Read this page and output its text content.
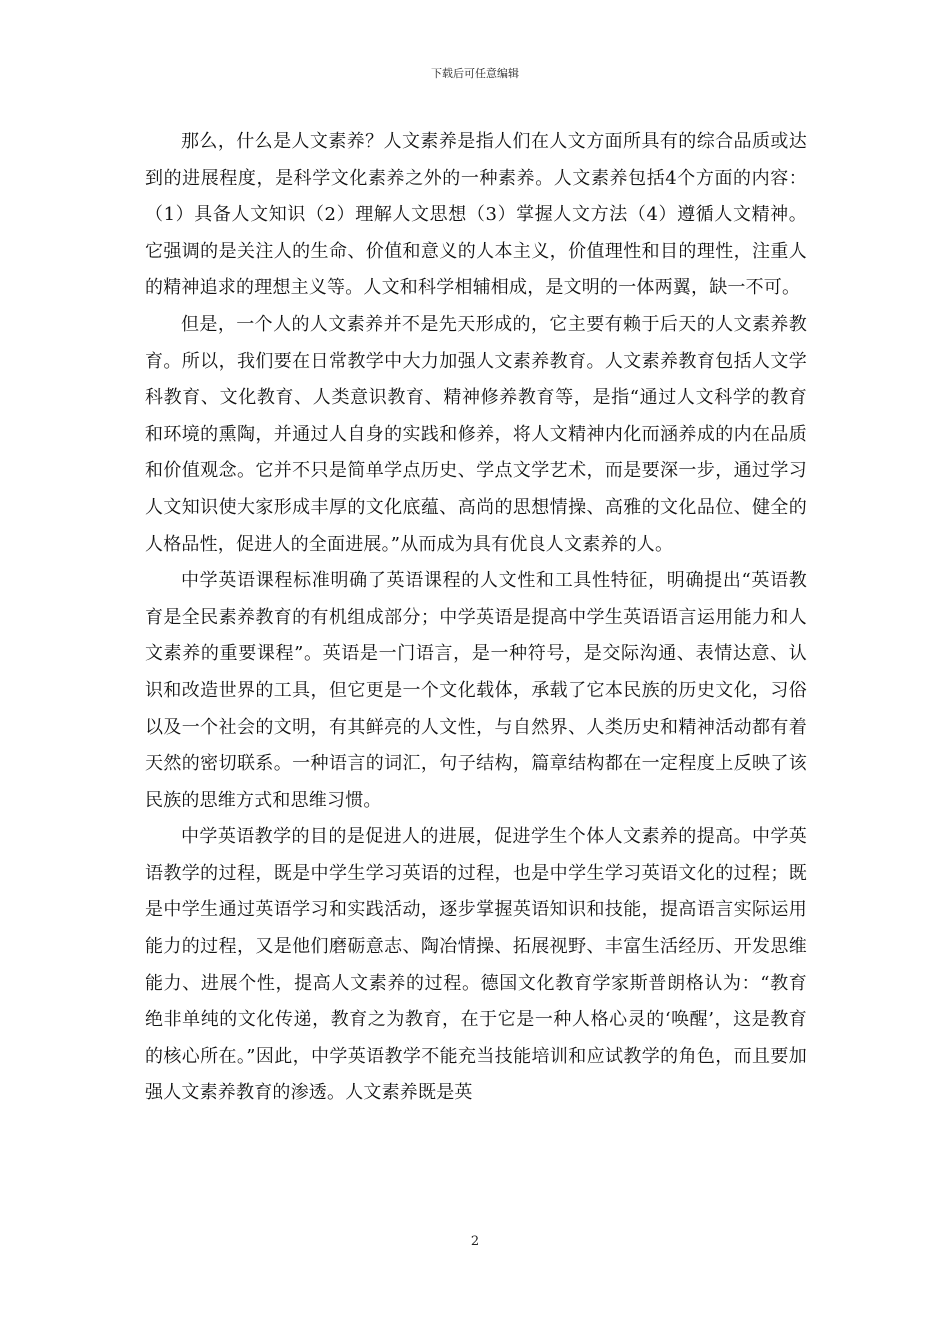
下载后可任意编辑

那么，什么是人文素养？人文素养是指人们在人文方面所具有的综合品质或达到的进展程度，是科学文化素养之外的一种素养。人文素养包括4个方面的内容：（1）具备人文知识（2）理解人文思想（3）掌握人文方法（4）遵循人文精神。它强调的是关注人的生命、价值和意义的人本主义，价值理性和目的理性，注重人的精神追求的理想主义等。人文和科学相辅相成，是文明的一体两翼，缺一不可。

但是，一个人的人文素养并不是先天形成的，它主要有赖于后天的人文素养教育。所以，我们要在日常教学中大力加强人文素养教育。人文素养教育包括人文学科教育、文化教育、人类意识教育、精神修养教育等，是指“通过人文科学的教育和环境的熏陶，并通过人自身的实践和修养，将人文精神内化而涵养成的内在品质和价值观念。它并不只是简单学点历史、学点文学艺术，而是要深一步，通过学习人文知识使大家形成丰厚的文化底蕴、高尚的思想情操、高雅的文化品位、健全的人格品性，促进人的全面进展。”从而成为具有优良人文素养的人。

中学英语课程标准明确了英语课程的人文性和工具性特征，明确提出“英语教育是全民素养教育的有机组成部分；中学英语是提高中学生英语语言运用能力和人文素养的重要课程”。英语是一门语言，是一种符号，是交际沟通、表情达意、认识和改造世界的工具，但它更是一个文化载体，承载了它本民族的历史文化，习俗以及一个社会的文明，有其鲜亮的人文性，与自然界、人类历史和精神活动都有着天然的密切联系。一种语言的词汇，句子结构，篇章结构都在一定程度上反映了该民族的思维方式和思维习惯。

中学英语教学的目的是促进人的进展，促进学生个体人文素养的提高。中学英语教学的过程，既是中学生学习英语的过程，也是中学生学习英语文化的过程；既是中学生通过英语学习和实践活动，逐步掌握英语知识和技能，提高语言实际运用能力的过程，又是他们磨砺意志、陶冶情操、拓展视野、丰富生活经历、开发思维能力、进展个性，提高人文素养的过程。德国文化教育学家斯普朗格认为：“教育绝非单纯的文化传递，教育之为教育，在于它是一种人格心灵的‘唤醒’，这是教育的核心所在。”因此，中学英语教学不能充当技能培训和应试教学的角色，而且要加强人文素养教育的渗透。人文素养既是英

2
